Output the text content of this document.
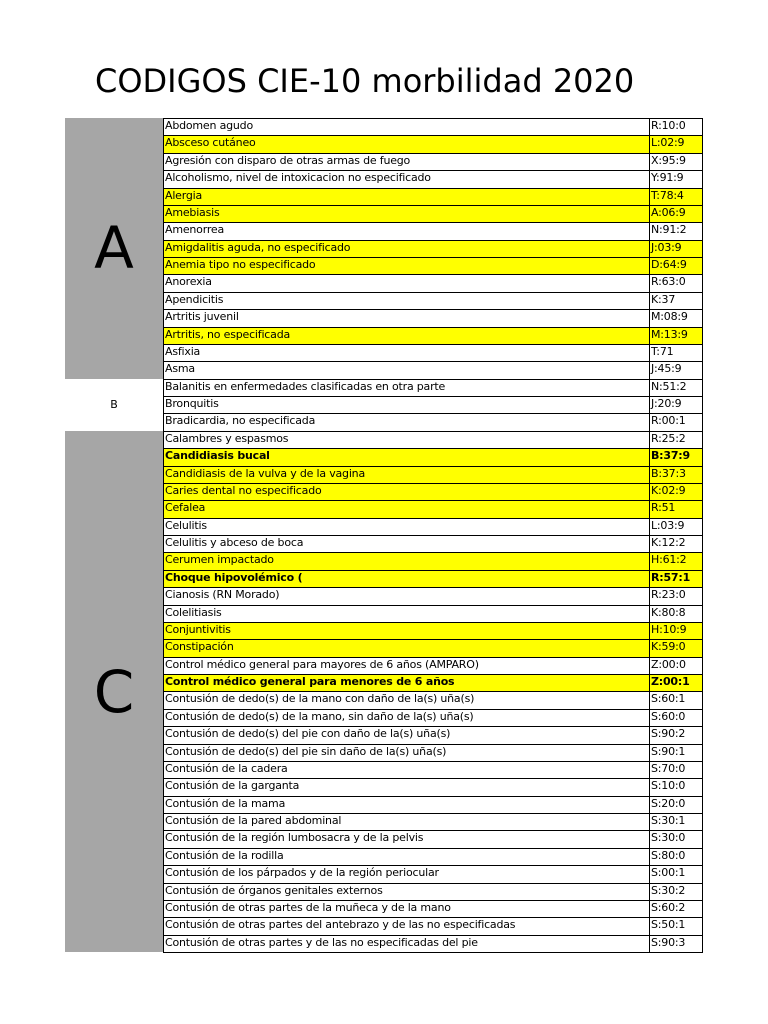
CODIGOS CIE-10 morbilidad 2020
A
B
C
Abdomen agudo	R:10:0
Absceso cutáneo	L:02:9
Agresión con disparo de otras armas de fuego	X:95:9
Alcoholismo, nivel de intoxicacion no especificado	Y:91:9
Alergia	T:78:4
Amebiasis	A:06:9
Amenorrea	N:91:2
Amigdalitis aguda, no especificado	J:03:9
Anemia tipo no especificado	D:64:9
Anorexia	R:63:0
Apendicitis	K:37
Artritis juvenil	M:08:9
Artritis, no especificada	M:13:9
Asfixia	T:71
Asma	J:45:9
Balanitis en enfermedades clasificadas en otra parte	N:51:2
Bronquitis	J:20:9
Bradicardia, no especificada	R:00:1
Calambres y espasmos	R:25:2
Candidiasis bucal	B:37:9
Candidiasis de la vulva y de la vagina	B:37:3
Caries dental no especificado	K:02:9
Cefalea	R:51
Celulitis	L:03:9
Celulitis y abceso de boca	K:12:2
Cerumen impactado	H:61:2
Choque hipovolémico (	R:57:1
Cianosis (RN Morado)	R:23:0
Colelitiasis	K:80:8
Conjuntivitis	H:10:9
Constipación	K:59:0
Control médico general para mayores de 6 años (AMPARO)	Z:00:0
Control médico general para menores de 6 años	Z:00:1
Contusión de dedo(s) de la mano con daño de la(s) uña(s)	S:60:1
Contusión de dedo(s) de la mano, sin daño de la(s) uña(s)	S:60:0
Contusión de dedo(s) del pie con daño de la(s) uña(s)	S:90:2
Contusión de dedo(s) del pie sin daño de la(s) uña(s)	S:90:1
Contusión de la cadera	S:70:0
Contusión de la garganta	S:10:0
Contusión de la mama	S:20:0
Contusión de la pared abdominal	S:30:1
Contusión de la región lumbosacra y de la pelvis	S:30:0
Contusión de la rodilla	S:80:0
Contusión de los párpados y de la región periocular	S:00:1
Contusión de órganos genitales externos	S:30:2
Contusión de otras partes de la muñeca y de la mano	S:60:2
Contusión de otras partes del antebrazo y de las no especificadas	S:50:1
Contusión de otras partes y de las no especificadas del pie	S:90:3
